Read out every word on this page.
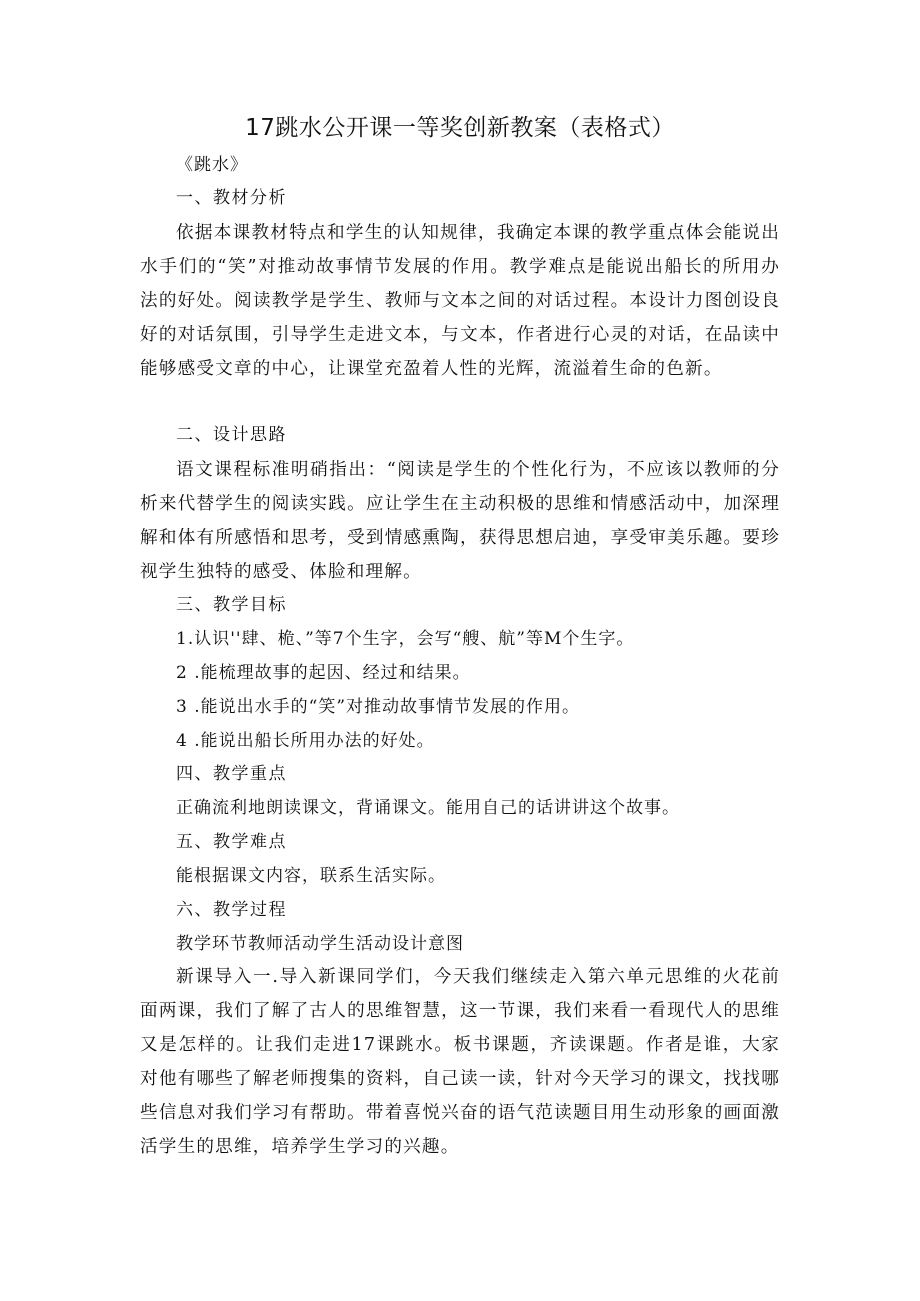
17跳水公开课一等奖创新教案（表格式）
《跳水》
一、教材分析
依据本课教材特点和学生的认知规律，我确定本课的教学重点体会能说出水手们的“笑”对推动故事情节发展的作用。教学难点是能说出船长的所用办法的好处。阅读教学是学生、教师与文本之间的对话过程。本设计力图创设良好的对话氛围，引导学生走进文本，与文本，作者进行心灵的对话，在品读中能够感受文章的中心，让课堂充盈着人性的光辉，流溢着生命的色新。
二、设计思路
语文课程标准明硝指出：“阅读是学生的个性化行为，不应该以教师的分析来代替学生的阅读实践。应让学生在主动积极的思维和情感活动中，加深理解和体有所感悟和思考，受到情感熏陶，获得思想启迪，享受审美乐趣。要珍视学生独特的感受、体脸和理解。
三、教学目标
1.认识''肆、桅、”等7个生字，会写“艘、航”等M个生字。
2 .能梳理故事的起因、经过和结果。
3 .能说出水手的“笑”对推动故事情节发展的作用。
4 .能说出船长所用办法的好处。
四、教学重点
正确流利地朗读课文，背诵课文。能用自己的话讲讲这个故事。
五、教学难点
能根据课文内容，联系生活实际。
六、教学过程
教学环节教师活动学生活动设计意图
新课导入一.导入新课同学们，今天我们继续走入第六单元思维的火花前面两课，我们了解了古人的思维智慧，这一节课，我们来看一看现代人的思维又是怎样的。让我们走进17课跳水。板书课题，齐读课题。作者是谁，大家对他有哪些了解老师搜集的资料，自己读一读，针对今天学习的课文，找找哪些信息对我们学习有帮助。带着喜悦兴奋的语气范读题目用生动形象的画面激活学生的思维，培养学生学习的兴趣。
